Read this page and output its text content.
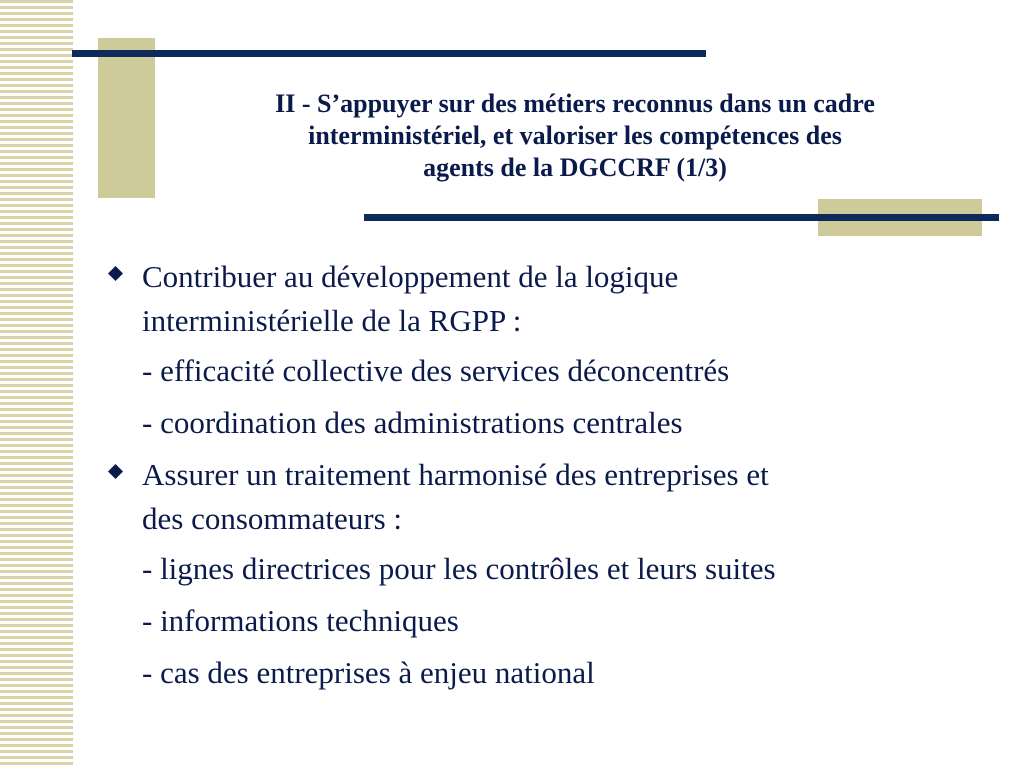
II - S’appuyer sur des métiers reconnus dans un cadre
interministériel, et valoriser les compétences des
agents de la DGCCRF (1/3)
Contribuer au développement de la logique
interministérielle de la RGPP :
- efficacité collective des services déconcentrés
- coordination des administrations centrales
Assurer un traitement harmonisé des entreprises et
des consommateurs :
- lignes directrices pour les contrôles et leurs suites
- informations techniques
- cas des entreprises à enjeu national
